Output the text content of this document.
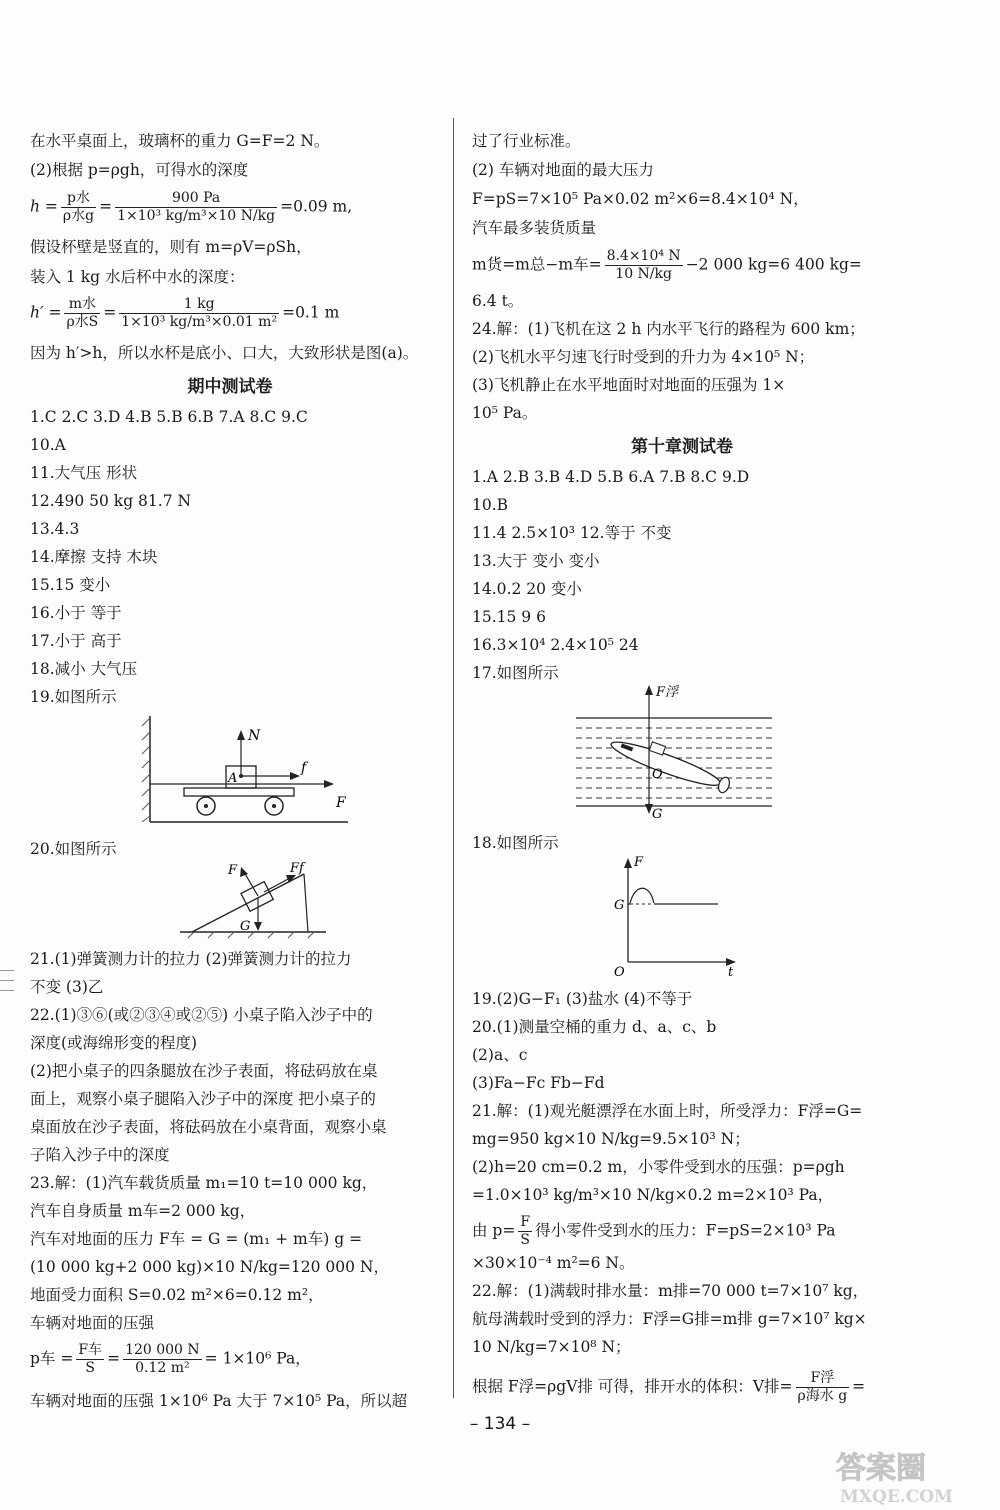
在水平桌面上，玻璃杯的重力 G=F=2 N。
(2)根据 p=ρgh，可得水的深度
$h = \frac{\text{p水}}{\text{ρ水g}} = \frac{900 Pa}{\text{1×10³ kg/m³×10 N/kg}} =0.09$ m,
假设杯壁是竖直的，则有 m=ρV=ρSh，
装入 1 kg 水后杯中水的深度：
$h' = \frac{\text{m水}}{\text{ρ水S}} = \frac{1 kg}{\text{1×10³ kg/m³×0.01 m²}} =0.1$ m
因为 h′>h，所以水杯是底小、口大，大致形状是图(a)。
期中测试卷
1.C 2.C 3.D 4.B 5.B 6.B 7.A 8.C 9.C
10.A
11.大气压 形状
12.490 50 kg 81.7 N
13.4.3
14.摩擦 支持 木块
15.15 变小
16.小于 等于
17.小于 高于
18.减小 大气压
19.如图所示
N
A
f
F
20.如图所示
F	Ff
G
21.(1)弹簧测力计的拉力 (2)弹簧测力计的拉力
不变 (3)乙
22.(1)③⑥(或②③④或②⑤) 小桌子陷入沙子中的
深度(或海绵形变的程度)
(2)把小桌子的四条腿放在沙子表面，将砝码放在桌
面上，观察小桌子腿陷入沙子中的深度 把小桌子的
桌面放在沙子表面，将砝码放在小桌背面，观察小桌
子陷入沙子中的深度
23.解：(1)汽车载货质量 m₁=10 t=10 000 kg，
汽车自身质量 m车=2 000 kg，
汽车对地面的压力 F车 = G = (m₁ + m车) g =
(10 000 kg+2 000 kg)×10 N/kg=120 000 N，
地面受力面积 S=0.02 m²×6=0.12 m²，
车辆对地面的压强
p车 = $\frac{\text{F车}}{S} = \frac{120 000 N}{\text{0.12 m²}} = 1\times 10^6$ Pa，
车辆对地面的压强 1×10⁶ Pa 大于 7×10⁵ Pa，所以超
过了行业标准。
(2) 车辆对地面的最大压力
F=pS=7×10⁵ Pa×0.02 m²×6=8.4×10⁴ N，
汽车最多装货质量
m货=m总−m车= $\frac{\text{8.4×10⁴ N}}{10 N/kg} -2$ 000 kg=6 400 kg=
6.4 t。
24.解：(1)飞机在这 2 h 内水平飞行的路程为 600 km；
(2)飞机水平匀速飞行时受到的升力为 4×10⁵ N；
(3)飞机静止在水平地面时对地面的压强为 1×
10⁵ Pa。
第十章测试卷
1.A 2.B 3.B 4.D 5.B 6.A 7.B 8.C 9.D
10.B
11.4 2.5×10³ 12.等于 不变
13.大于 变小 变小
14.0.2 20 变小
15.15 9 6
16.3×10⁴ 2.4×10⁵ 24
17.如图所示
F浮
O
G
18.如图所示
F
G
O	t
19.(2)G−F₁ (3)盐水 (4)不等于
20.(1)测量空桶的重力 d、a、c、b
(2)a、c
(3)Fa−Fc Fb−Fd
21.解：(1)观光艇漂浮在水面上时，所受浮力：F浮=G=
mg=950 kg×10 N/kg=9.5×10³ N；
(2)h=20 cm=0.2 m，小零件受到水的压强：p=ρgh
=1.0×10³ kg/m³×10 N/kg×0.2 m=2×10³ Pa，
由 $p= \frac{F}{S}$ 得小零件受到水的压力：F=pS=2×10³ Pa
×30×10⁻⁴ m²=6 N。
22.解：(1)满载时排水量：m排=70 000 t=7×10⁷ kg，
航母满载时受到的浮力：F浮=G排=m排 g=7×10⁷ kg×
10 N/kg=7×10⁸ N；
根据 F浮=ρgV排 可得，排开水的体积：V排= $\frac{\text{F浮}}{\text{ρ海水 g}}$ =
– 134 –
答案圈
MXQE.COM
